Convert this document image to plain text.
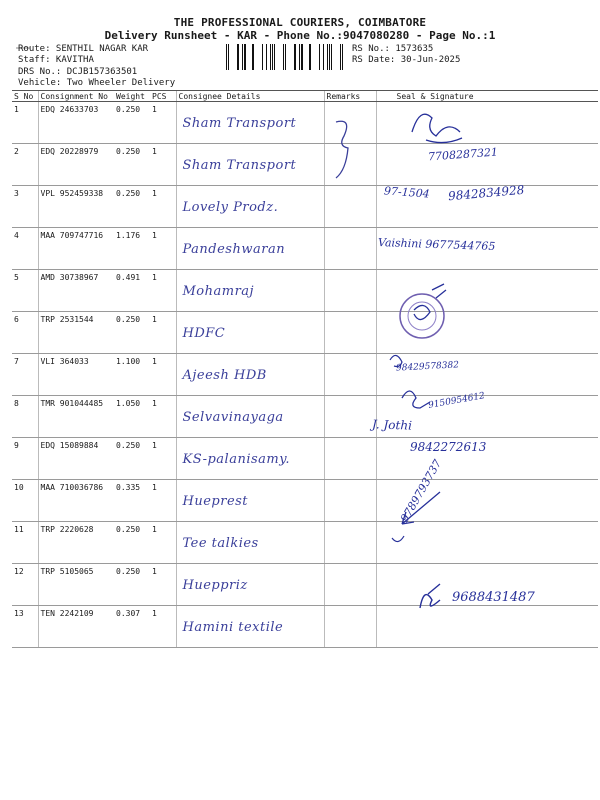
THE PROFESSIONAL COURIERS, COIMBATORE
Delivery Runsheet - KAR - Phone No.:9047080280 - Page No.:1
Route: SENTHIL NAGAR KAR
Staff: KAVITHA
DRS No.: DCJB157363501
Vehicle: Two Wheeler Delivery
RS No.: 1573635
RS Date: 30-Jun-2025
S No	Consignment No	Weight	PCS	Consignee Details	Remarks	Seal & Signature
1	EDQ 24633703	0.250	1	Sham Transport		

2	EDQ 20228979	0.250	1	Sham Transport		

3	VPL 952459338	0.250	1	Lovely Prodz.		

4	MAA 709747716	1.176	1	Pandeshwaran		

5	AMD 30738967	0.491	1	Mohamraj		

6	TRP 2531544	0.250	1	HDFC		

7	VLI 364033	1.100	1	Ajeesh HDB		

8	TMR 901044485	1.050	1	Selvavinayaga		

9	EDQ 15089884	0.250	1	KS-palanisamy.		

10	MAA 710036786	0.335	1	Hueprest		

11	TRP 2220628	0.250	1	Tee talkies		

12	TRP 5105065	0.250	1	Hueppriz		

13	TEN 2242109	0.307	1	Hamini textile		

7708287321
97-1504 9842834928
Vaishini 9677544765
98429578382
9150954612
J. Jothi
9842272613
9789793737
9688431487
